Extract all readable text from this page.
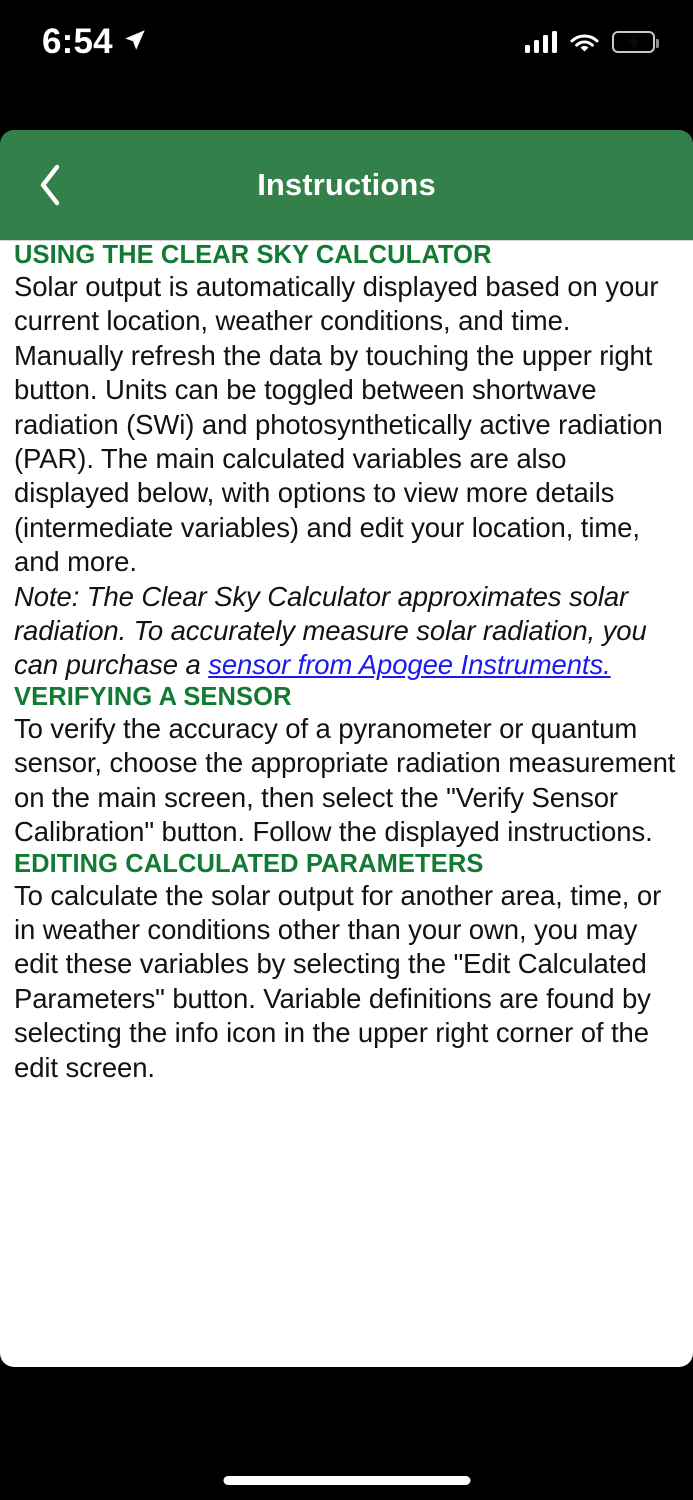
6:54
Instructions
USING THE CLEAR SKY CALCULATOR

Solar output is automatically displayed based on your current location, weather conditions, and time. Manually refresh the data by touching the upper right button. Units can be toggled between shortwave radiation (SWi) and photosynthetically active radiation (PAR). The main calculated variables are also displayed below, with options to view more details (intermediate variables) and edit your location, time, and more.

Note: The Clear Sky Calculator approximates solar radiation. To accurately measure solar radiation, you can purchase a sensor from Apogee Instruments.

VERIFYING A SENSOR

To verify the accuracy of a pyranometer or quantum sensor, choose the appropriate radiation measurement on the main screen, then select the "Verify Sensor Calibration" button. Follow the displayed instructions.

EDITING CALCULATED PARAMETERS

To calculate the solar output for another area, time, or in weather conditions other than your own, you may edit these variables by selecting the "Edit Calculated Parameters" button. Variable definitions are found by selecting the info icon in the upper right corner of the edit screen.
